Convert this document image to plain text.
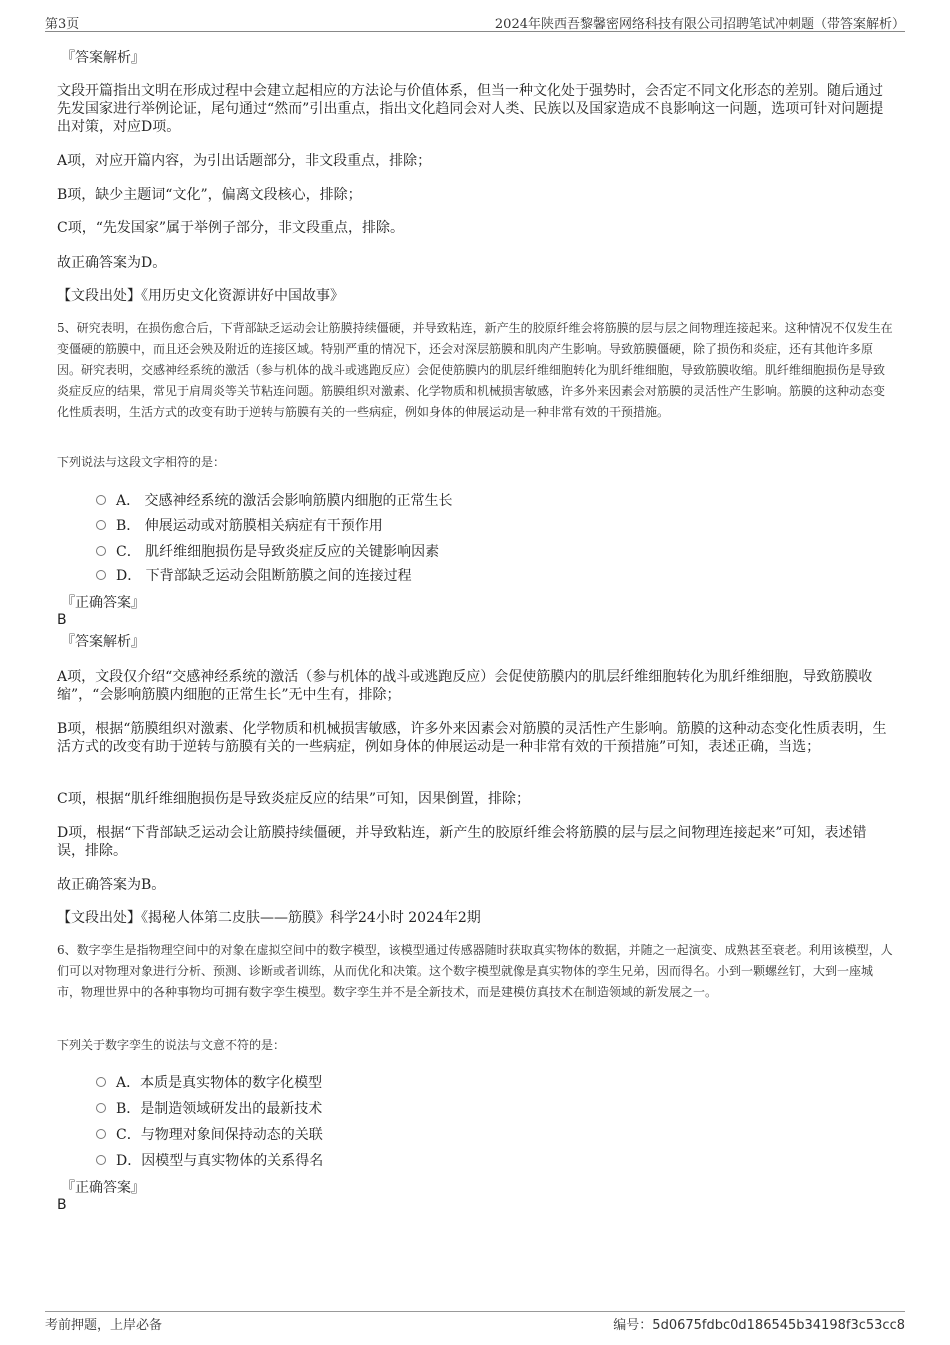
第3页	2024年陕西吾黎馨密网络科技有限公司招聘笔试冲刺题（带答案解析）
『答案解析』
文段开篇指出文明在形成过程中会建立起相应的方法论与价值体系，但当一种文化处于强势时，会否定不同文化形态的差别。随后通过先发国家进行举例论证，尾句通过“然而”引出重点，指出文化趋同会对人类、民族以及国家造成不良影响这一问题，选项可针对问题提出对策，对应D项。
A项，对应开篇内容，为引出话题部分，非文段重点，排除；
B项，缺少主题词“文化”，偏离文段核心，排除；
C项，“先发国家”属于举例子部分，非文段重点，排除。
故正确答案为D。
【文段出处】《用历史文化资源讲好中国故事》
5、研究表明，在损伤愈合后，下背部缺乏运动会让筋膜持续僵硬，并导致粘连，新产生的胶原纤维会将筋膜的层与层之间物理连接起来。这种情况不仅发生在变僵硬的筋膜中，而且还会殃及附近的连接区域。特别严重的情况下，还会对深层筋膜和肌肉产生影响。导致筋膜僵硬，除了损伤和炎症，还有其他许多原因。研究表明，交感神经系统的激活（参与机体的战斗或逃跑反应）会促使筋膜内的肌层纤维细胞转化为肌纤维细胞，导致筋膜收缩。肌纤维细胞损伤是导致炎症反应的结果，常见于肩周炎等关节粘连问题。筋膜组织对激素、化学物质和机械损害敏感，许多外来因素会对筋膜的灵活性产生影响。筋膜的这种动态变化性质表明，生活方式的改变有助于逆转与筋膜有关的一些病症，例如身体的伸展运动是一种非常有效的干预措施。
下列说法与这段文字相符的是：
A． 交感神经系统的激活会影响筋膜内细胞的正常生长
B． 伸展运动或对筋膜相关病症有干预作用
C． 肌纤维细胞损伤是导致炎症反应的关键影响因素
D． 下背部缺乏运动会阻断筋膜之间的连接过程
『正确答案』
B
『答案解析』
A项，文段仅介绍“交感神经系统的激活（参与机体的战斗或逃跑反应）会促使筋膜内的肌层纤维细胞转化为肌纤维细胞，导致筋膜收缩”，“会影响筋膜内细胞的正常生长”无中生有，排除；
B项，根据“筋膜组织对激素、化学物质和机械损害敏感，许多外来因素会对筋膜的灵活性产生影响。筋膜的这种动态变化性质表明，生活方式的改变有助于逆转与筋膜有关的一些病症，例如身体的伸展运动是一种非常有效的干预措施”可知，表述正确，当选；
C项，根据“肌纤维细胞损伤是导致炎症反应的结果”可知，因果倒置，排除；
D项，根据“下背部缺乏运动会让筋膜持续僵硬，并导致粘连，新产生的胶原纤维会将筋膜的层与层之间物理连接起来”可知，表述错误，排除。
故正确答案为B。
【文段出处】《揭秘人体第二皮肤——筋膜》科学24小时 2024年2期
6、数字孪生是指物理空间中的对象在虚拟空间中的数字模型，该模型通过传感器随时获取真实物体的数据，并随之一起演变、成熟甚至衰老。利用该模型，人们可以对物理对象进行分析、预测、诊断或者训练，从而优化和决策。这个数字模型就像是真实物体的孪生兄弟，因而得名。小到一颗螺丝钉，大到一座城市，物理世界中的各种事物均可拥有数字孪生模型。数字孪生并不是全新技术，而是建模仿真技术在制造领域的新发展之一。
下列关于数字孪生的说法与文意不符的是：
A．本质是真实物体的数字化模型
B．是制造领域研发出的最新技术
C．与物理对象间保持动态的关联
D．因模型与真实物体的关系得名
『正确答案』
B
考前押题，上岸必备	编号：5d0675fdbc0d186545b34198f3c53cc8
